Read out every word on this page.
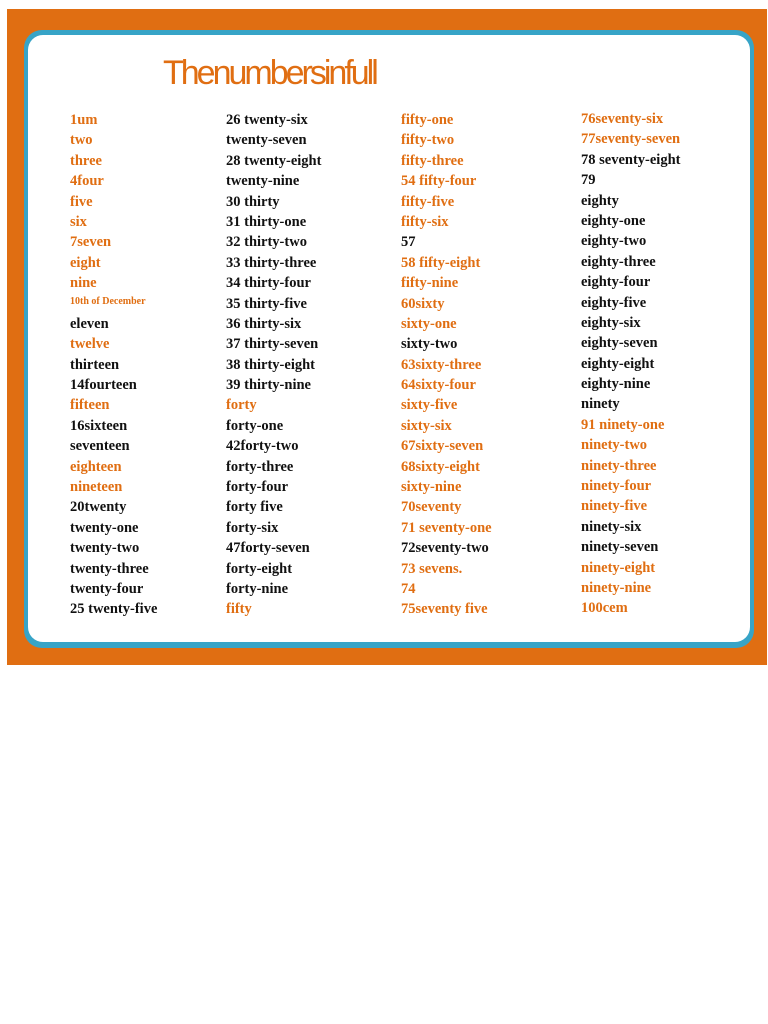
Thenumbersinfull
1um
two
three
4four
five
six
7seven
eight
nine
10th of December
eleven
twelve
thirteen
14fourteen
fifteen
16sixteen
seventeen
eighteen
nineteen
20twenty
twenty-one
twenty-two
twenty-three
twenty-four
25 twenty-five
26 twenty-six
twenty-seven
28 twenty-eight
twenty-nine
30 thirty
31 thirty-one
32 thirty-two
33 thirty-three
34 thirty-four
35 thirty-five
36 thirty-six
37 thirty-seven
38 thirty-eight
39 thirty-nine
forty
forty-one
42forty-two
forty-three
forty-four
forty five
forty-six
47forty-seven
forty-eight
forty-nine
fifty
fifty-one
fifty-two
fifty-three
54 fifty-four
fifty-five
fifty-six
57
58 fifty-eight
fifty-nine
60sixty
sixty-one
sixty-two
63sixty-three
64sixty-four
sixty-five
sixty-six
67sixty-seven
68sixty-eight
sixty-nine
70seventy
71 seventy-one
72seventy-two
73 sevens.
74
75seventy five
76seventy-six
77seventy-seven
78 seventy-eight
79
eighty
eighty-one
eighty-two
eighty-three
eighty-four
eighty-five
eighty-six
eighty-seven
eighty-eight
eighty-nine
ninety
91 ninety-one
ninety-two
ninety-three
ninety-four
ninety-five
ninety-six
ninety-seven
ninety-eight
ninety-nine
100cem
